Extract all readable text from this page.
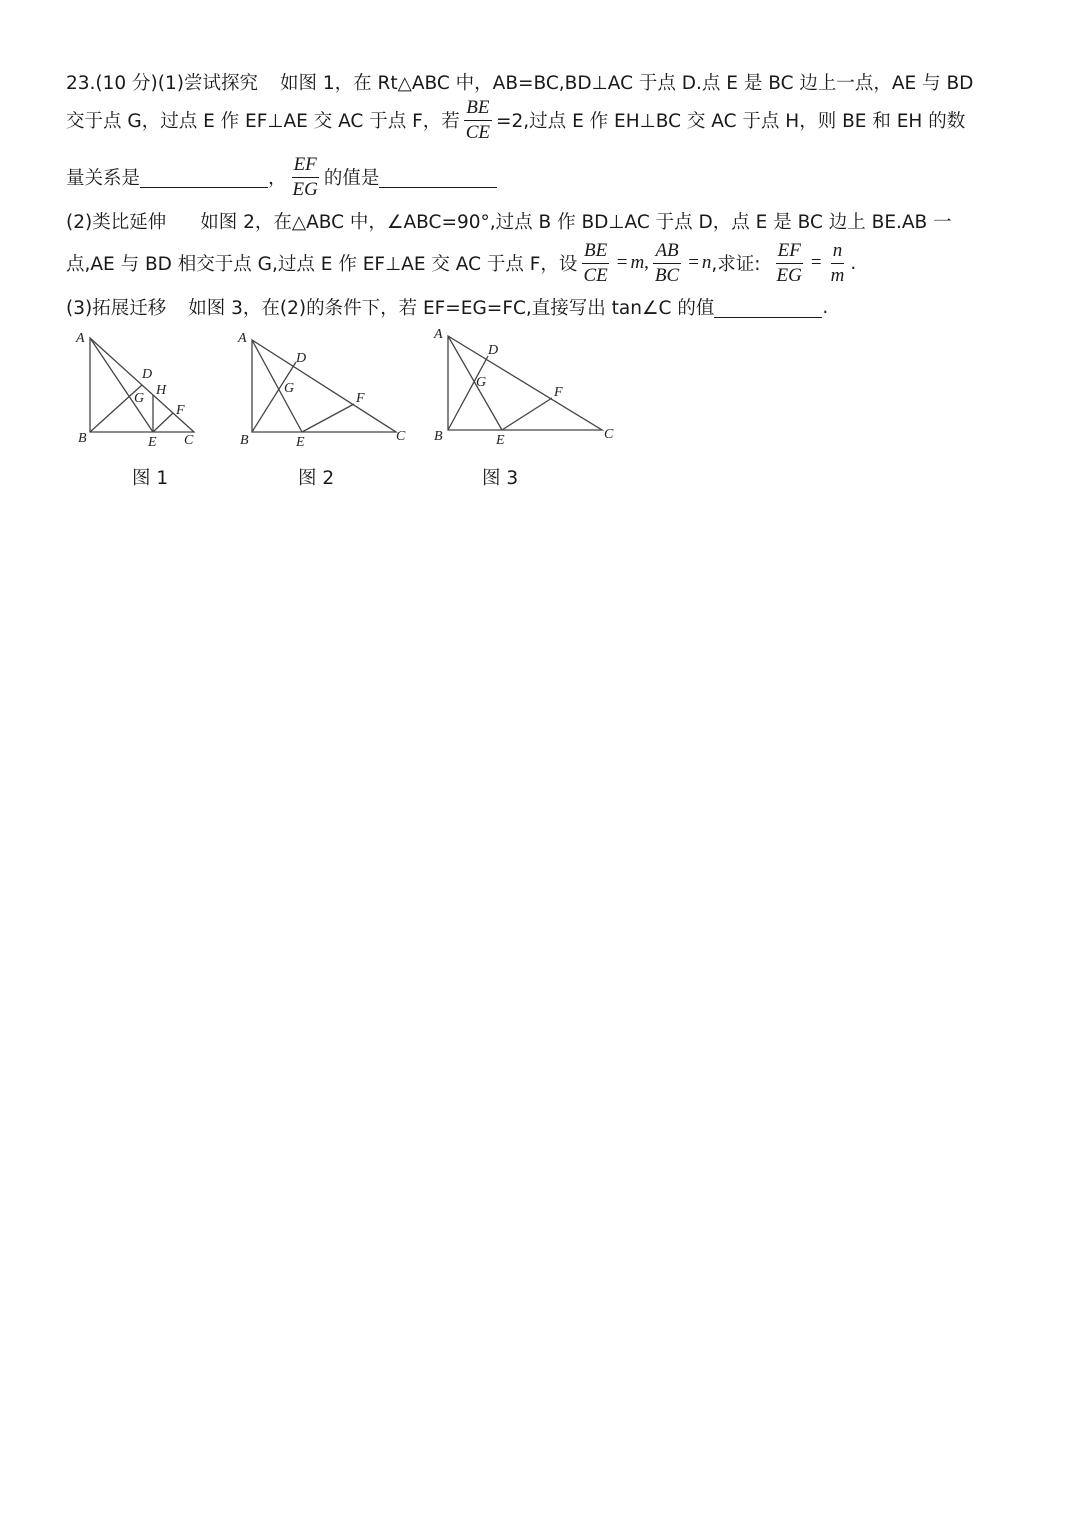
23.(10 分)(1)尝试探究 如图 1，在 Rt△ABC 中，AB=BC,BD⊥AC 于点 D.点 E 是 BC 边上一点，AE 与 BD
交于点 G，过点 E 作 EF⊥AE 交 AC 于点 F，若 $\frac{BE}{CE} =2$,过点 E 作 EH⊥BC 交 AC 于点 H，则 BE 和 EH 的数
量关系是	， $\frac{EF}{EG}$ 的值是
(2)类比延伸 如图 2，在△ABC 中，∠ABC=90°,过点 B 作 BD⊥AC 于点 D，点 E 是 BC 边上 BE.AB 一
点,AE 与 BD 相交于点 G,过点 E 作 EF⊥AE 交 AC 于点 F，设 $\frac{BE}{CE} = m$ , $\frac{AB}{BC} = n$ ,求证: $\frac{EF}{EG} = \frac{n}{m}$ .
(3)拓展迁移 如图 3，在(2)的条件下，若 EF=EG=FC,直接写出 tan∠C 的值	.
A
B	C
D
E
F
G
H
图 1
A
B	C
D
E
F
G
图 2
A
B	C
D
E
F
G
图 3
